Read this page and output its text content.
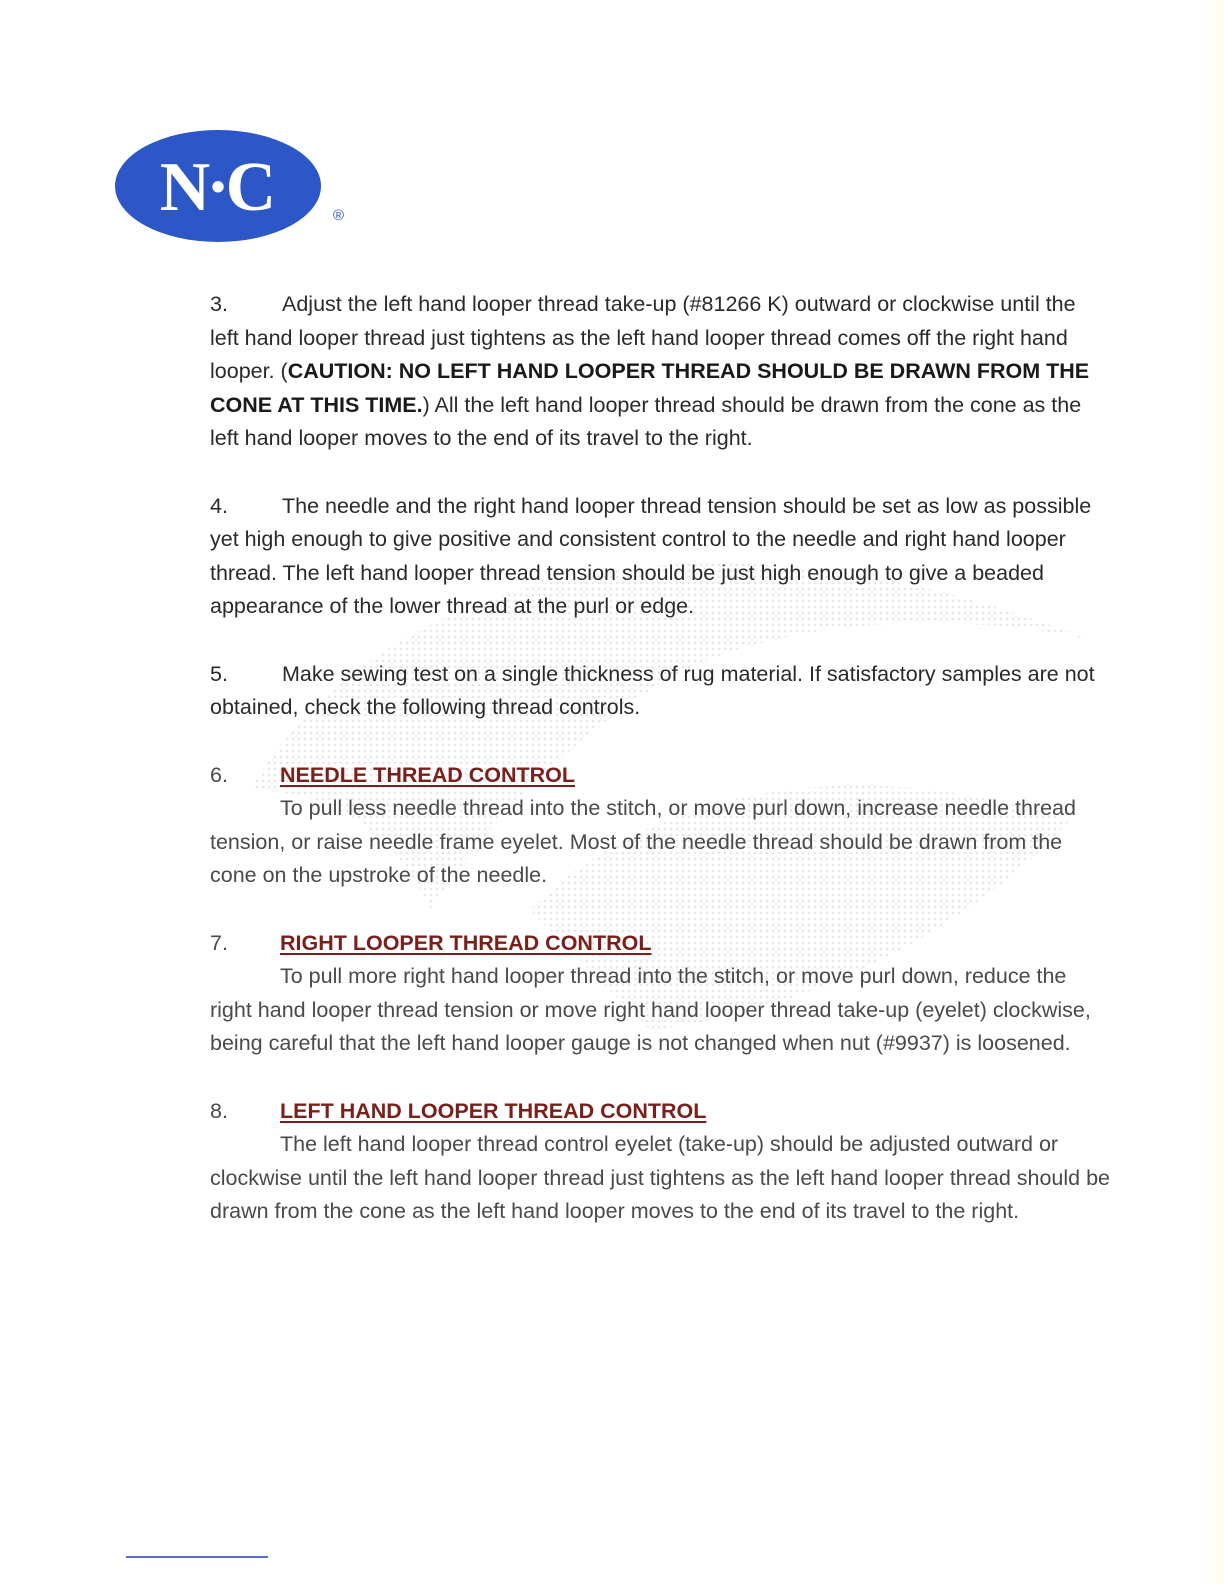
N·C	®

3.	Adjust the left hand looper thread take-up (#81266 K) outward or clockwise until the left hand looper thread just tightens as the left hand looper thread comes off the right hand looper. (CAUTION: NO LEFT HAND LOOPER THREAD SHOULD BE DRAWN FROM THE CONE AT THIS TIME.) All the left hand looper thread should be drawn from the cone as the left hand looper moves to the end of its travel to the right.

4.	The needle and the right hand looper thread tension should be set as low as possible yet high enough to give positive and consistent control to the needle and right hand looper thread. The left hand looper thread tension should be just high enough to give a beaded appearance of the lower thread at the purl or edge.

5.	Make sewing test on a single thickness of rug material. If satisfactory samples are not obtained, check the following thread controls.

6. NEEDLE THREAD CONTROL

To pull less needle thread into the stitch, or move purl down, increase needle thread tension, or raise needle frame eyelet. Most of the needle thread should be drawn from the cone on the upstroke of the needle.

7. RIGHT LOOPER THREAD CONTROL

To pull more right hand looper thread into the stitch, or move purl down, reduce the right hand looper thread tension or move right hand looper thread take-up (eyelet) clockwise, being careful that the left hand looper gauge is not changed when nut (#9937) is loosened.

8. LEFT HAND LOOPER THREAD CONTROL

The left hand looper thread control eyelet (take-up) should be adjusted outward or clockwise until the left hand looper thread just tightens as the left hand looper thread should be drawn from the cone as the left hand looper moves to the end of its travel to the right.
